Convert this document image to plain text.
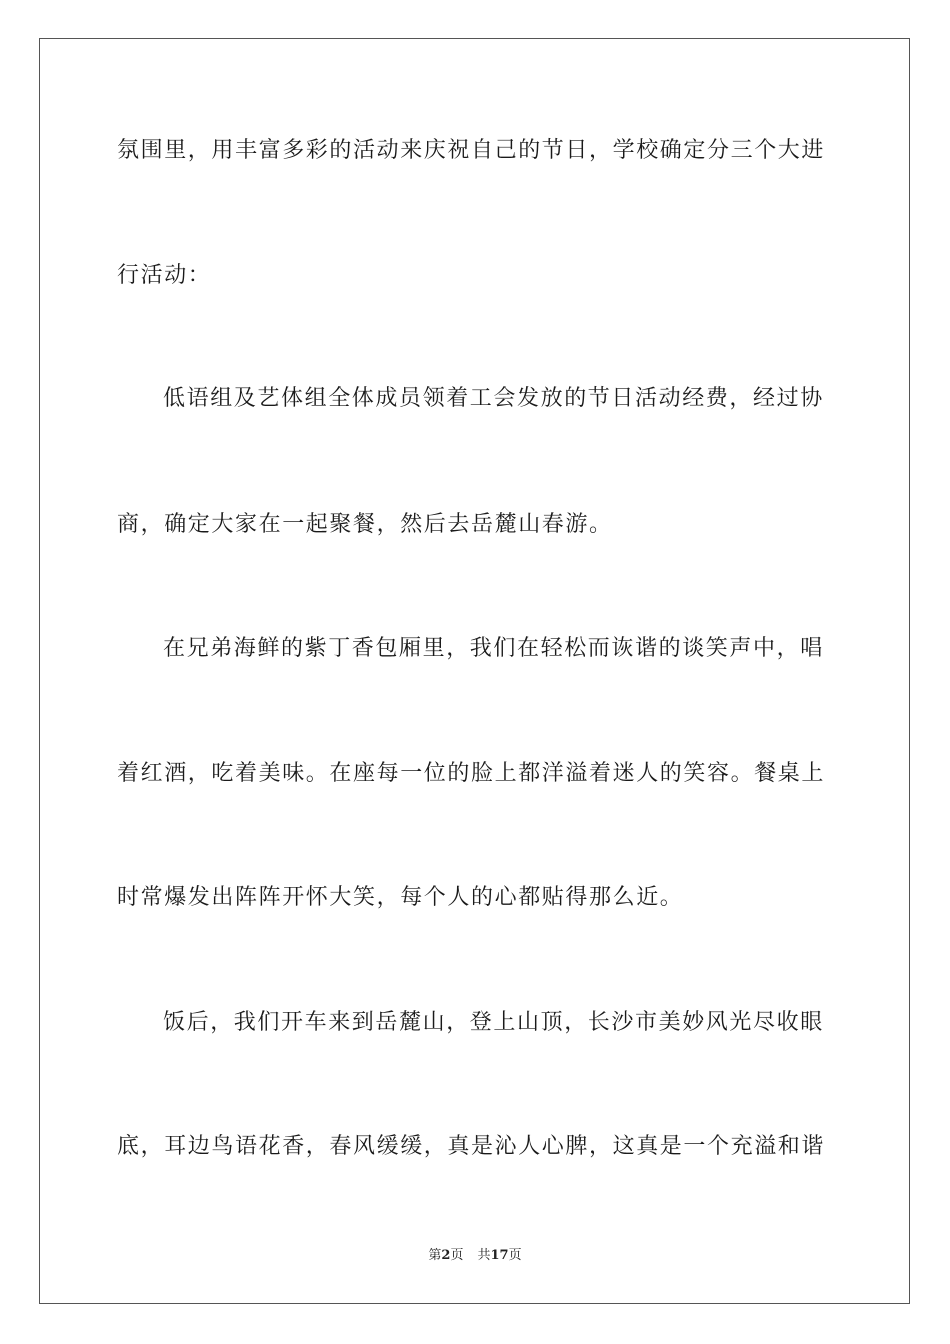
氛围里，用丰富多彩的活动来庆祝自己的节日，学校确定分三个大进
行活动：
低语组及艺体组全体成员领着工会发放的节日活动经费，经过协
商，确定大家在一起聚餐，然后去岳麓山春游。
在兄弟海鲜的紫丁香包厢里，我们在轻松而诙谐的谈笑声中，唱
着红酒，吃着美味。在座每一位的脸上都洋溢着迷人的笑容。餐桌上
时常爆发出阵阵开怀大笑，每个人的心都贴得那么近。
饭后，我们开车来到岳麓山，登上山顶，长沙市美妙风光尽收眼
底，耳边鸟语花香，春风缓缓，真是沁人心脾，这真是一个充溢和谐
第2页 共17页
